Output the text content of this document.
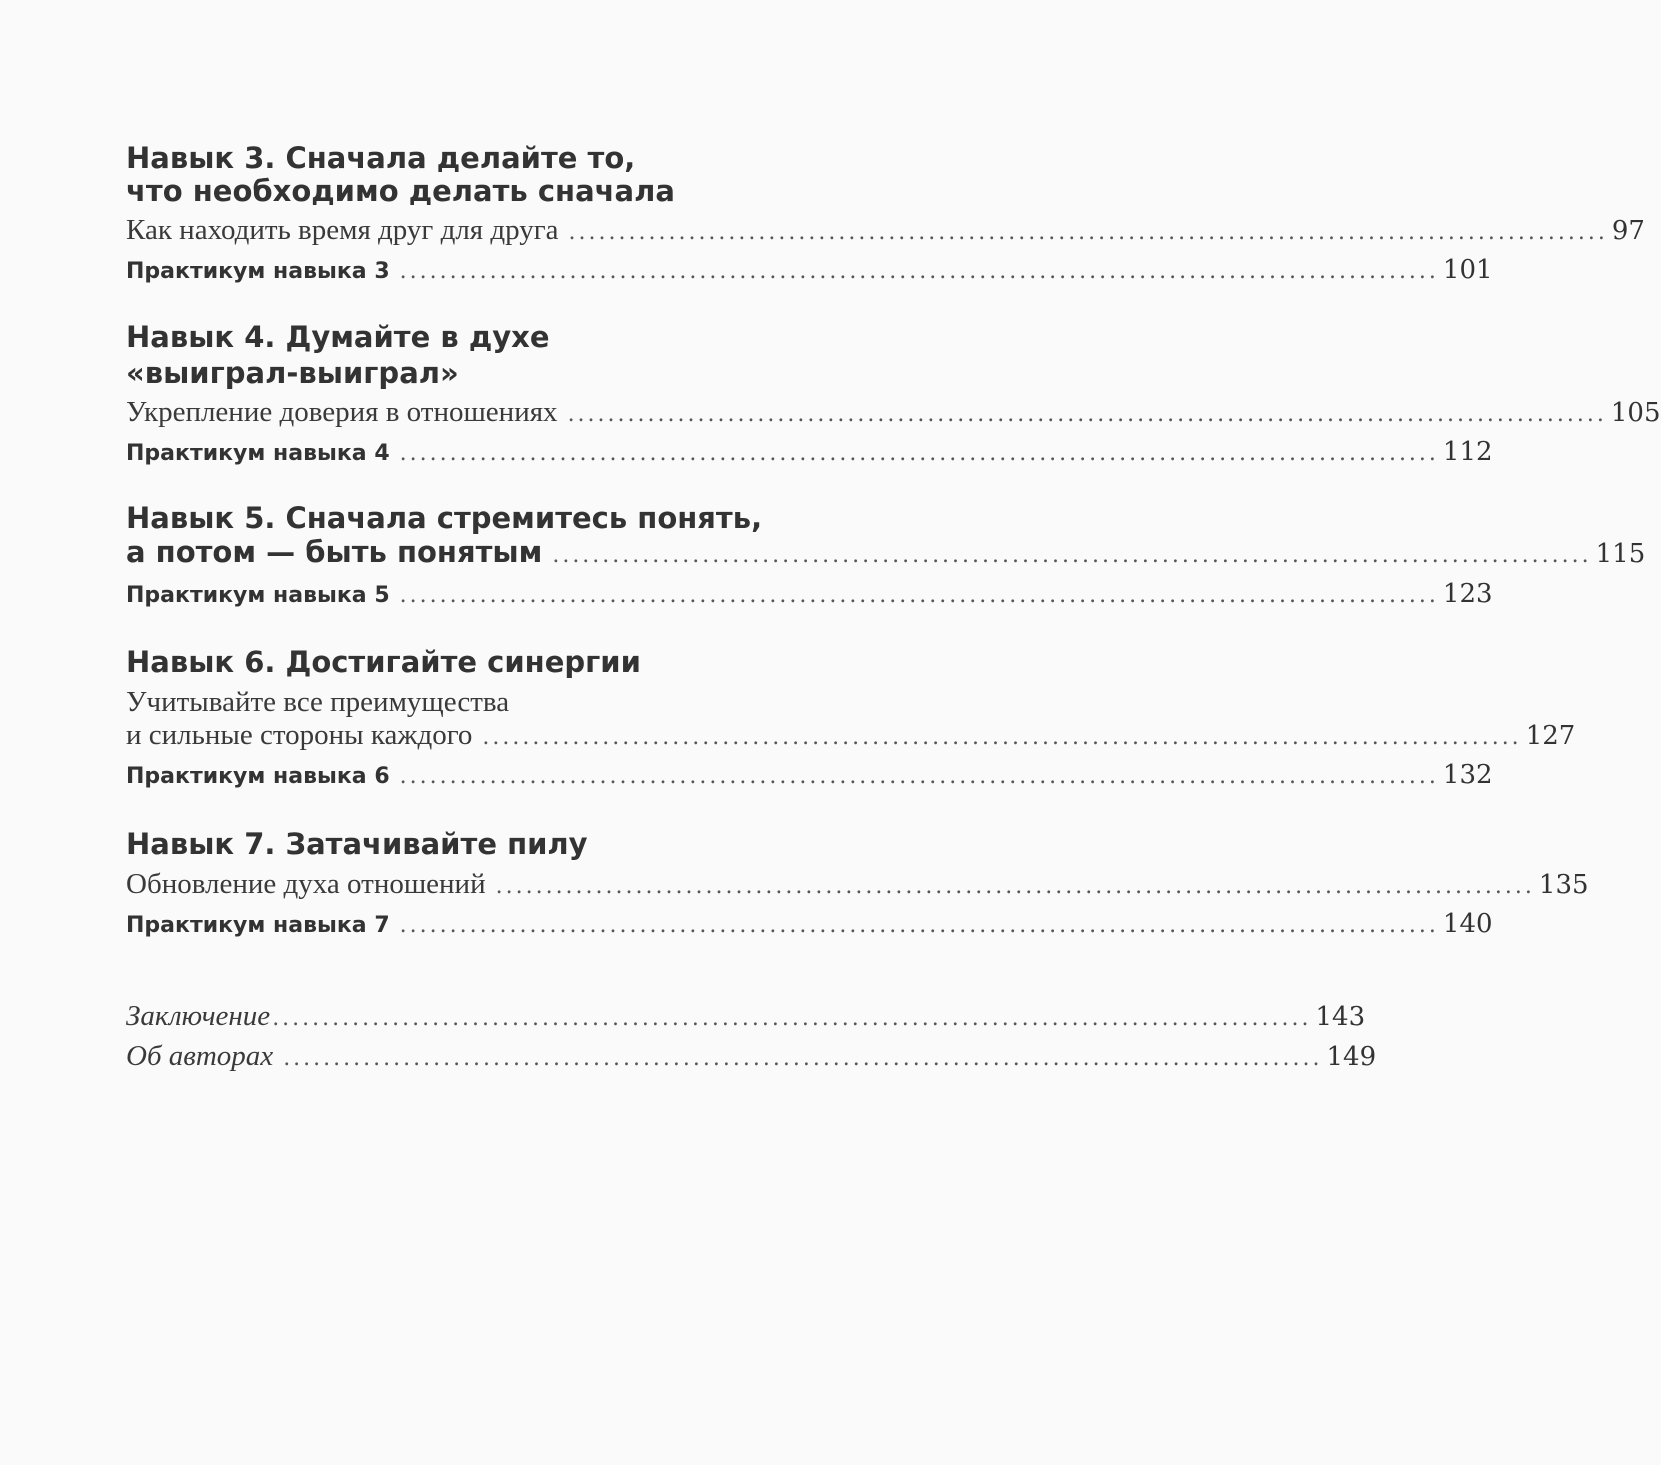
Навык 3. Сначала делайте то,
что необходимо делать сначала
Как находить время друг для друга ........................................................................................................ 97
Практикум навыка 3 ........................................................................................................ 101
Навык 4. Думайте в духе
«выиграл-выиграл»
Укрепление доверия в отношениях ........................................................................................................ 105
Практикум навыка 4 ........................................................................................................ 112
Навык 5. Сначала стремитесь понять,
а потом — быть понятым ........................................................................................................ 115
Практикум навыка 5 ........................................................................................................ 123
Навык 6. Достигайте синергии
Учитывайте все преимущества
и сильные стороны каждого ........................................................................................................ 127
Практикум навыка 6 ........................................................................................................ 132
Навык 7. Затачивайте пилу
Обновление духа отношений ........................................................................................................ 135
Практикум навыка 7 ........................................................................................................ 140
Заключение ........................................................................................................ 143
Об авторах ........................................................................................................ 149
